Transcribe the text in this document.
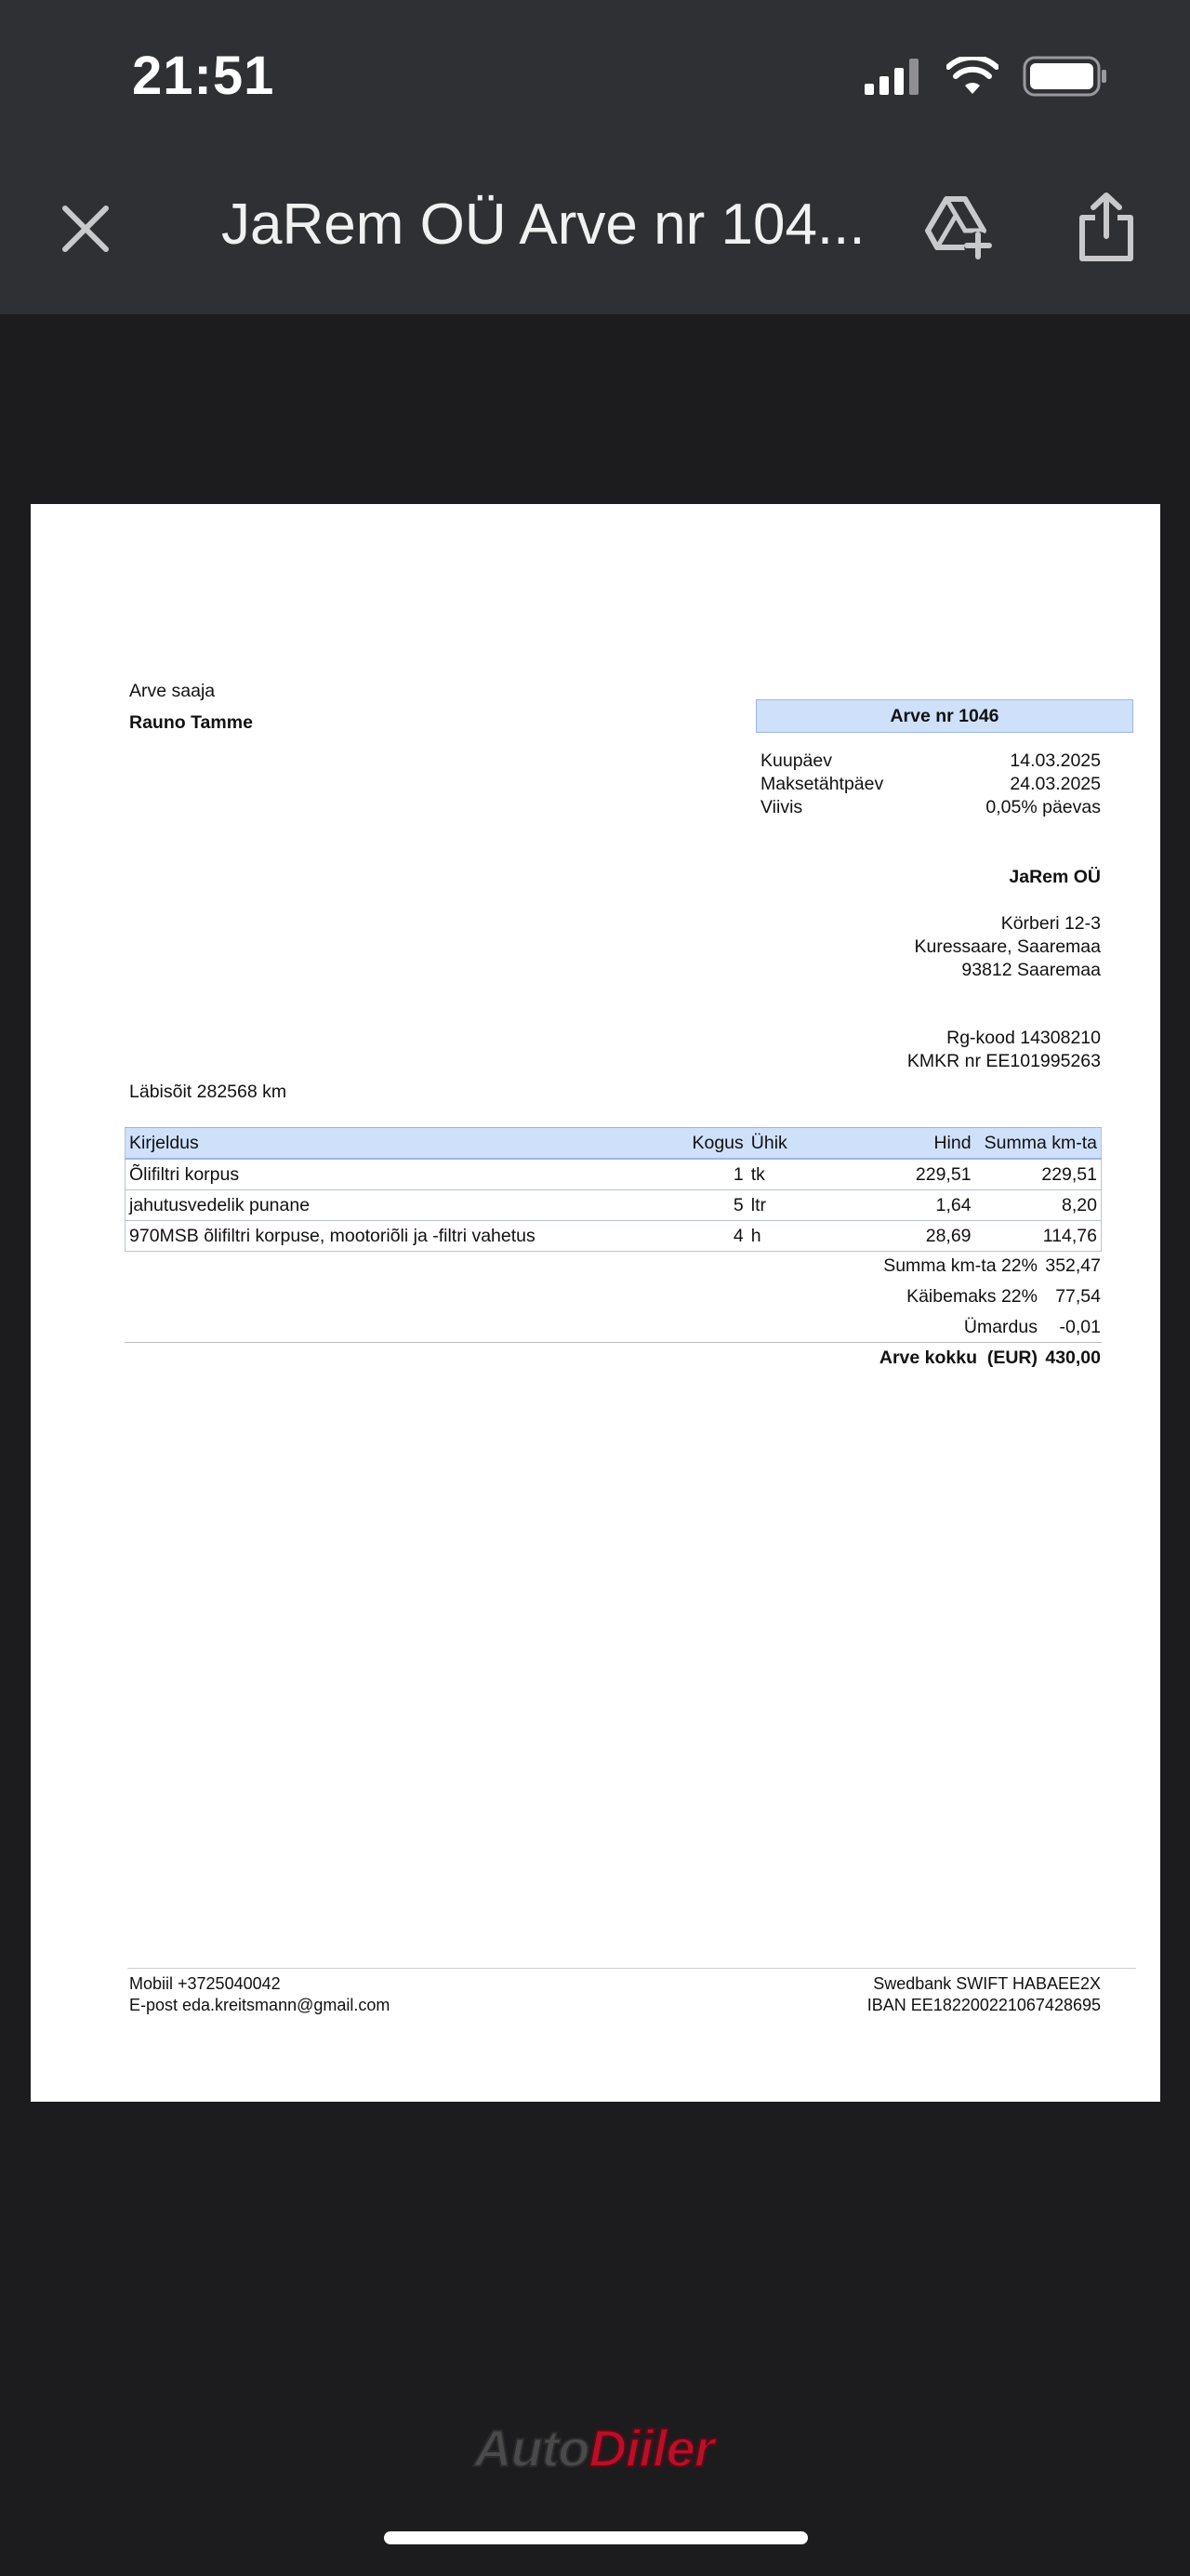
21:51
JaRem OÜ Arve nr 104...
Arve saaja
Rauno Tamme	Arve nr 1046
Kuupäev	14.03.2025
Maksetähtpäev	24.03.2025
Viivis	0,05% päevas
JaRem OÜ
Körberi 12-3
Kuressaare, Saaremaa
93812 Saaremaa
Rg-kood 14308210
KMKR nr EE101995263
Läbisõit 282568 km
Kirjeldus	Kogus	Ühik	Hind	Summa km-ta
Õlifiltri korpus	1	tk	229,51	229,51
jahutusvedelik punane	5	ltr	1,64	8,20
970MSB õlifiltri korpuse, mootoriõli ja -filtri vahetus	4	h	28,69	114,76
Summa km-ta 22% 352,47
Käibemaks 22% 77,54
Ümardus -0,01
Arve kokku  (EUR) 430,00
Mobiil +3725040042
E-post eda.kreitsmann@gmail.com
Swedbank SWIFT HABAEE2X
IBAN EE182200221067428695
AutoDiiler
